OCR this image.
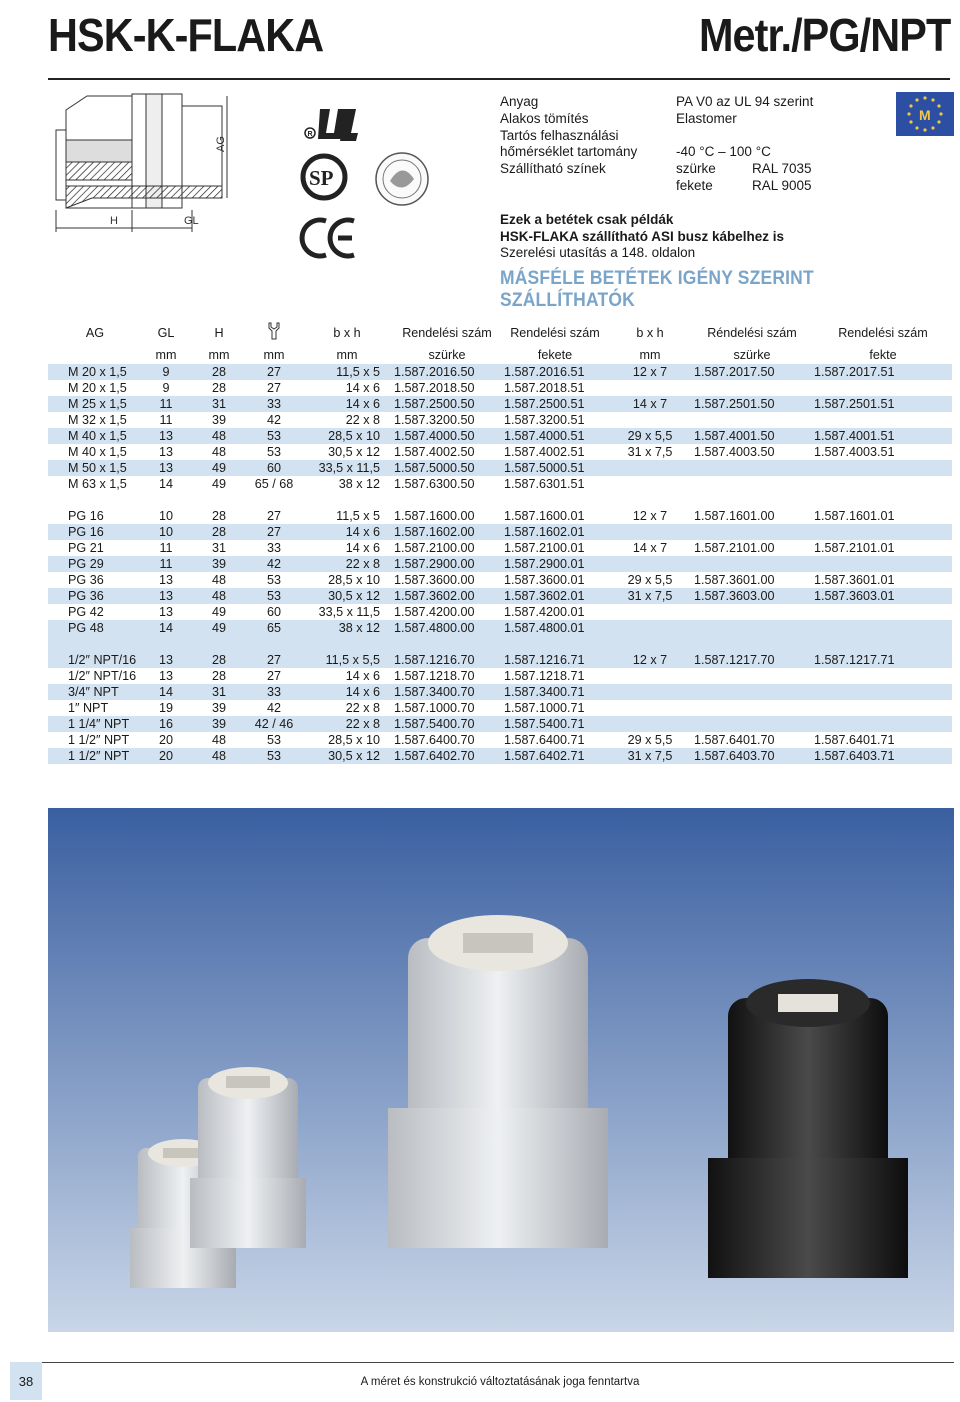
HSK-K-FLAKA	Metr./PG/NPT
AG
H	GL
R
SP
Anyag	PA V0 az UL 94 szerint
Alakos tömítés	Elastomer
Tartós felhasználási
hőmérséklet tartomány	-40 °C – 100 °C
Szállítható színek	szürke	RAL 7035
fekete	RAL 9005
M
Ezek a betétek csak példák
HSK-FLAKA szállítható ASI busz kábelhez is
Szerelési utasítás a 148. oldalon
MÁSFÉLE BETÉTEK IGÉNY SZERINT SZÁLLÍTHATÓK
AG	GL	H		b x h	Rendelési szám	Rendelési szám	b x h	Réndelési szám	Rendelési szám
	mm	mm	mm	mm	szürke	fekete	mm	szürke	fekte
M 20 x 1,5	9	28	27	11,5 x 5	1.587.2016.50	1.587.2016.51	12 x 7	1.587.2017.50	1.587.2017.51
M 20 x 1,5	9	28	27	14 x 6	1.587.2018.50	1.587.2018.51			
M 25 x 1,5	11	31	33	14 x 6	1.587.2500.50	1.587.2500.51	14 x 7	1.587.2501.50	1.587.2501.51
M 32 x 1,5	11	39	42	22 x 8	1.587.3200.50	1.587.3200.51			
M 40 x 1,5	13	48	53	28,5 x 10	1.587.4000.50	1.587.4000.51	29 x 5,5	1.587.4001.50	1.587.4001.51
M 40 x 1,5	13	48	53	30,5 x 12	1.587.4002.50	1.587.4002.51	31 x 7,5	1.587.4003.50	1.587.4003.51
M 50 x 1,5	13	49	60	33,5 x 11,5	1.587.5000.50	1.587.5000.51			
M 63 x 1,5	14	49	65 / 68	38 x 12	1.587.6300.50	1.587.6301.51			

PG 16	10	28	27	11,5 x 5	1.587.1600.00	1.587.1600.01	12 x 7	1.587.1601.00	1.587.1601.01
PG 16	10	28	27	14 x 6	1.587.1602.00	1.587.1602.01			
PG 21	11	31	33	14 x 6	1.587.2100.00	1.587.2100.01	14 x 7	1.587.2101.00	1.587.2101.01
PG 29	11	39	42	22 x 8	1.587.2900.00	1.587.2900.01			
PG 36	13	48	53	28,5 x 10	1.587.3600.00	1.587.3600.01	29 x 5,5	1.587.3601.00	1.587.3601.01
PG 36	13	48	53	30,5 x 12	1.587.3602.00	1.587.3602.01	31 x 7,5	1.587.3603.00	1.587.3603.01
PG 42	13	49	60	33,5 x 11,5	1.587.4200.00	1.587.4200.01			
PG 48	14	49	65	38 x 12	1.587.4800.00	1.587.4800.01			

1/2″ NPT/16	13	28	27	11,5 x 5,5	1.587.1216.70	1.587.1216.71	12 x 7	1.587.1217.70	1.587.1217.71
1/2″ NPT/16	13	28	27	14 x 6	1.587.1218.70	1.587.1218.71			
3/4″ NPT	14	31	33	14 x 6	1.587.3400.70	1.587.3400.71			
1″ NPT	19	39	42	22 x 8	1.587.1000.70	1.587.1000.71			
1 1/4″ NPT	16	39	42 / 46	22 x 8	1.587.5400.70	1.587.5400.71			
1 1/2″ NPT	20	48	53	28,5 x 10	1.587.6400.70	1.587.6400.71	29 x 5,5	1.587.6401.70	1.587.6401.71
1 1/2″ NPT	20	48	53	30,5 x 12	1.587.6402.70	1.587.6402.71	31 x 7,5	1.587.6403.70	1.587.6403.71
38	A méret és konstrukció változtatásának joga fenntartva
